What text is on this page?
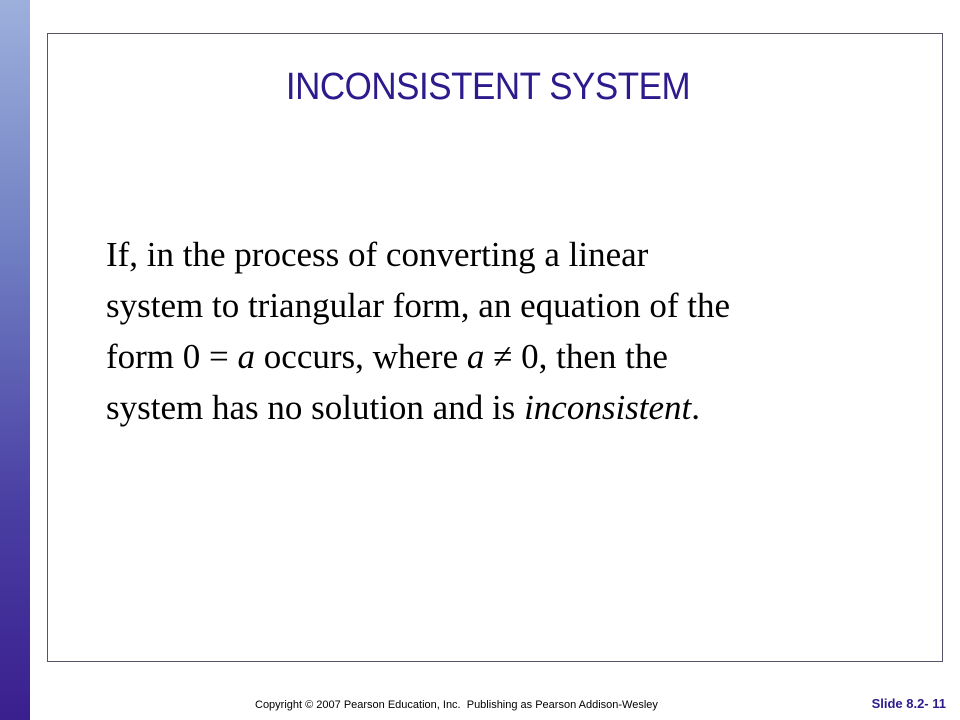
INCONSISTENT SYSTEM
If, in the process of converting a linear
system to triangular form, an equation of the
form 0 = a occurs, where a ≠ 0, then the
system has no solution and is inconsistent.
Copyright © 2007 Pearson Education, Inc.  Publishing as Pearson Addison-Wesley	Slide 8.2- 11
